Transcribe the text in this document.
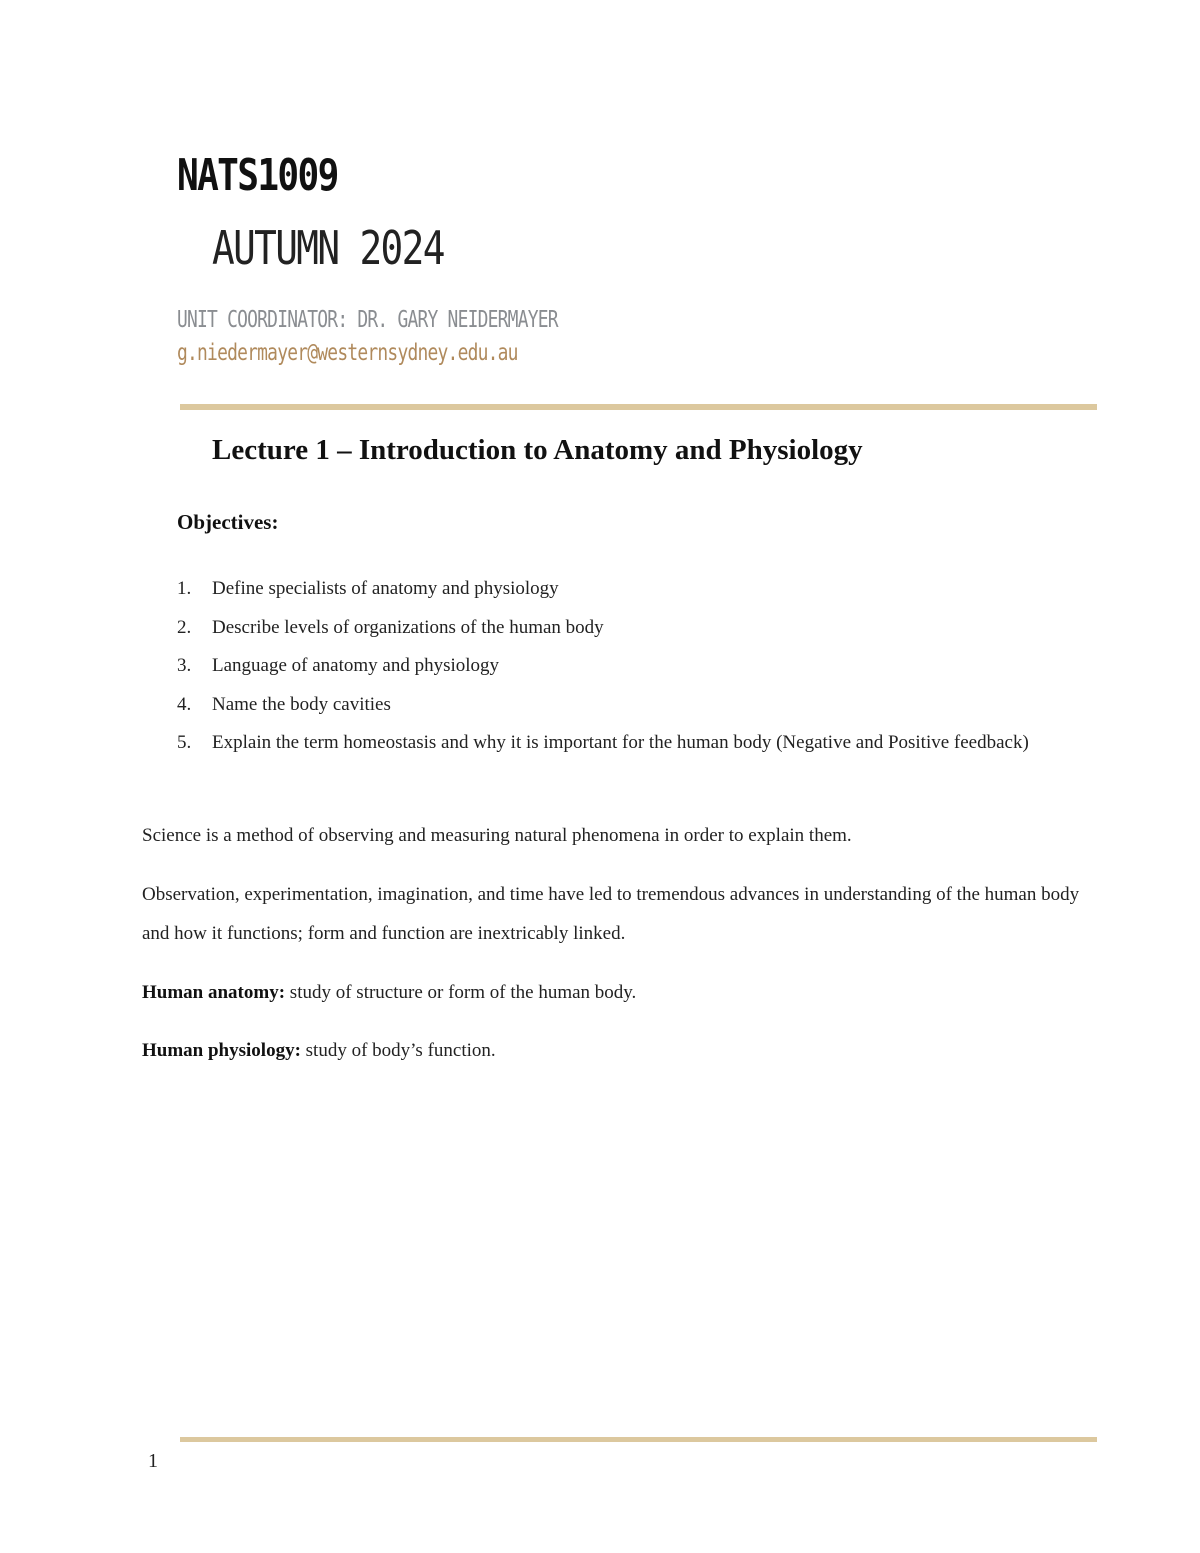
NATS1009
AUTUMN 2024
UNIT COORDINATOR: DR. GARY NEIDERMAYER
g.niedermayer@westernsydney.edu.au
Lecture 1 – Introduction to Anatomy and Physiology
Objectives:
1.	Define specialists of anatomy and physiology
2.	Describe levels of organizations of the human body
3.	Language of anatomy and physiology
4.	Name the body cavities
5.	Explain the term homeostasis and why it is important for the human body (Negative and Positive feedback)

Science is a method of observing and measuring natural phenomena in order to explain them.

Observation, experimentation, imagination, and time have led to tremendous advances in understanding of the human body and how it functions; form and function are inextricably linked.

Human anatomy: study of structure or form of the human body.

Human physiology: study of body’s function.

1
